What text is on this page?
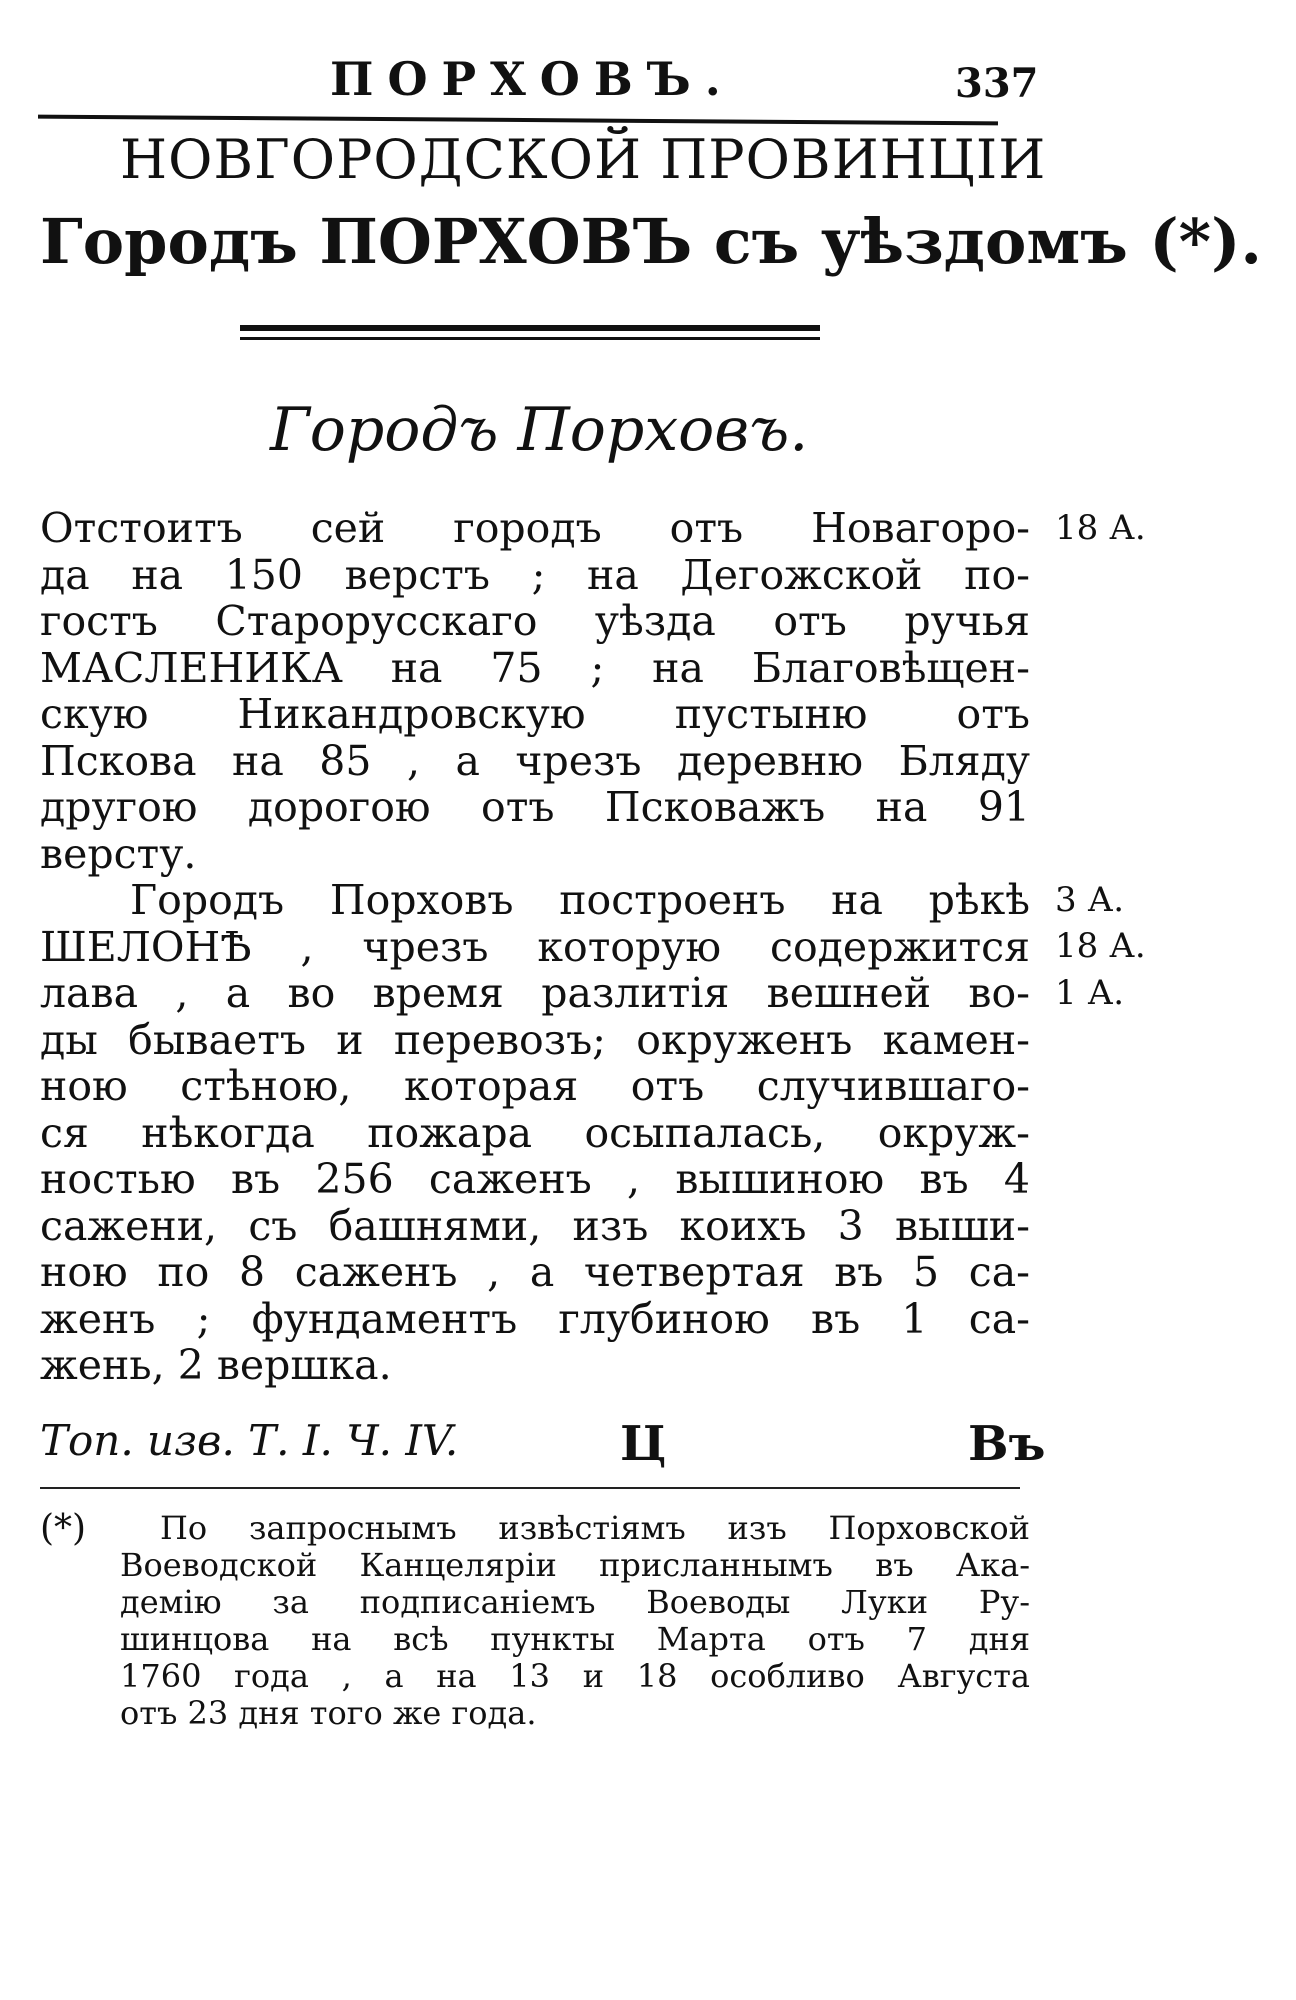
ПОРХОВЪ.	337
НОВГОРОДСКОЙ ПРОВИНЦІИ
Городъ ПОРХОВЪ съ уѣздомъ (*).
Городъ Порховъ.
Отстоитъ сей городъ отъ Новагоро-
да на 150 верстъ ; на Дегожской по-
гостъ Старорусскаго уѣзда отъ ручья
МАСЛЕНИКА на 75 ; на Благовѣщен-
скую Никандровскую пустыню отъ
Пскова на 85 , а чрезъ деревню Бляду
другою дорогою отъ Псковажъ на 91
версту.
Городъ Порховъ построенъ на рѣкѣ
ШЕЛОНѢ , чрезъ которую содержится
лава , а во время разлитія вешней во-
ды бываетъ и перевозъ; окруженъ камен-
ною стѣною, которая отъ случившаго-
ся нѣкогда пожара осыпалась, окруж-
ностью въ 256 саженъ , вышиною въ 4
сажени, съ башнями, изъ коихъ 3 выши-
ною по 8 саженъ , а четвертая въ 5 са-
женъ ; фундаментъ глубиною въ 1 са-
жень, 2 вершка.
18 А.
3 А.
18 А.
1 А.
Топ. изв. Т. I. Ч. IV.	Ц	Въ
(*)	По запроснымъ извѣстіямъ изъ Порховской
Воеводской Канцеляріи присланнымъ въ Ака-
демію за подписаніемъ Воеводы Луки Ру-
шинцова на всѣ пункты Марта отъ 7 дня
1760 года , а на 13 и 18 особливо Августа
отъ 23 дня того же года.
